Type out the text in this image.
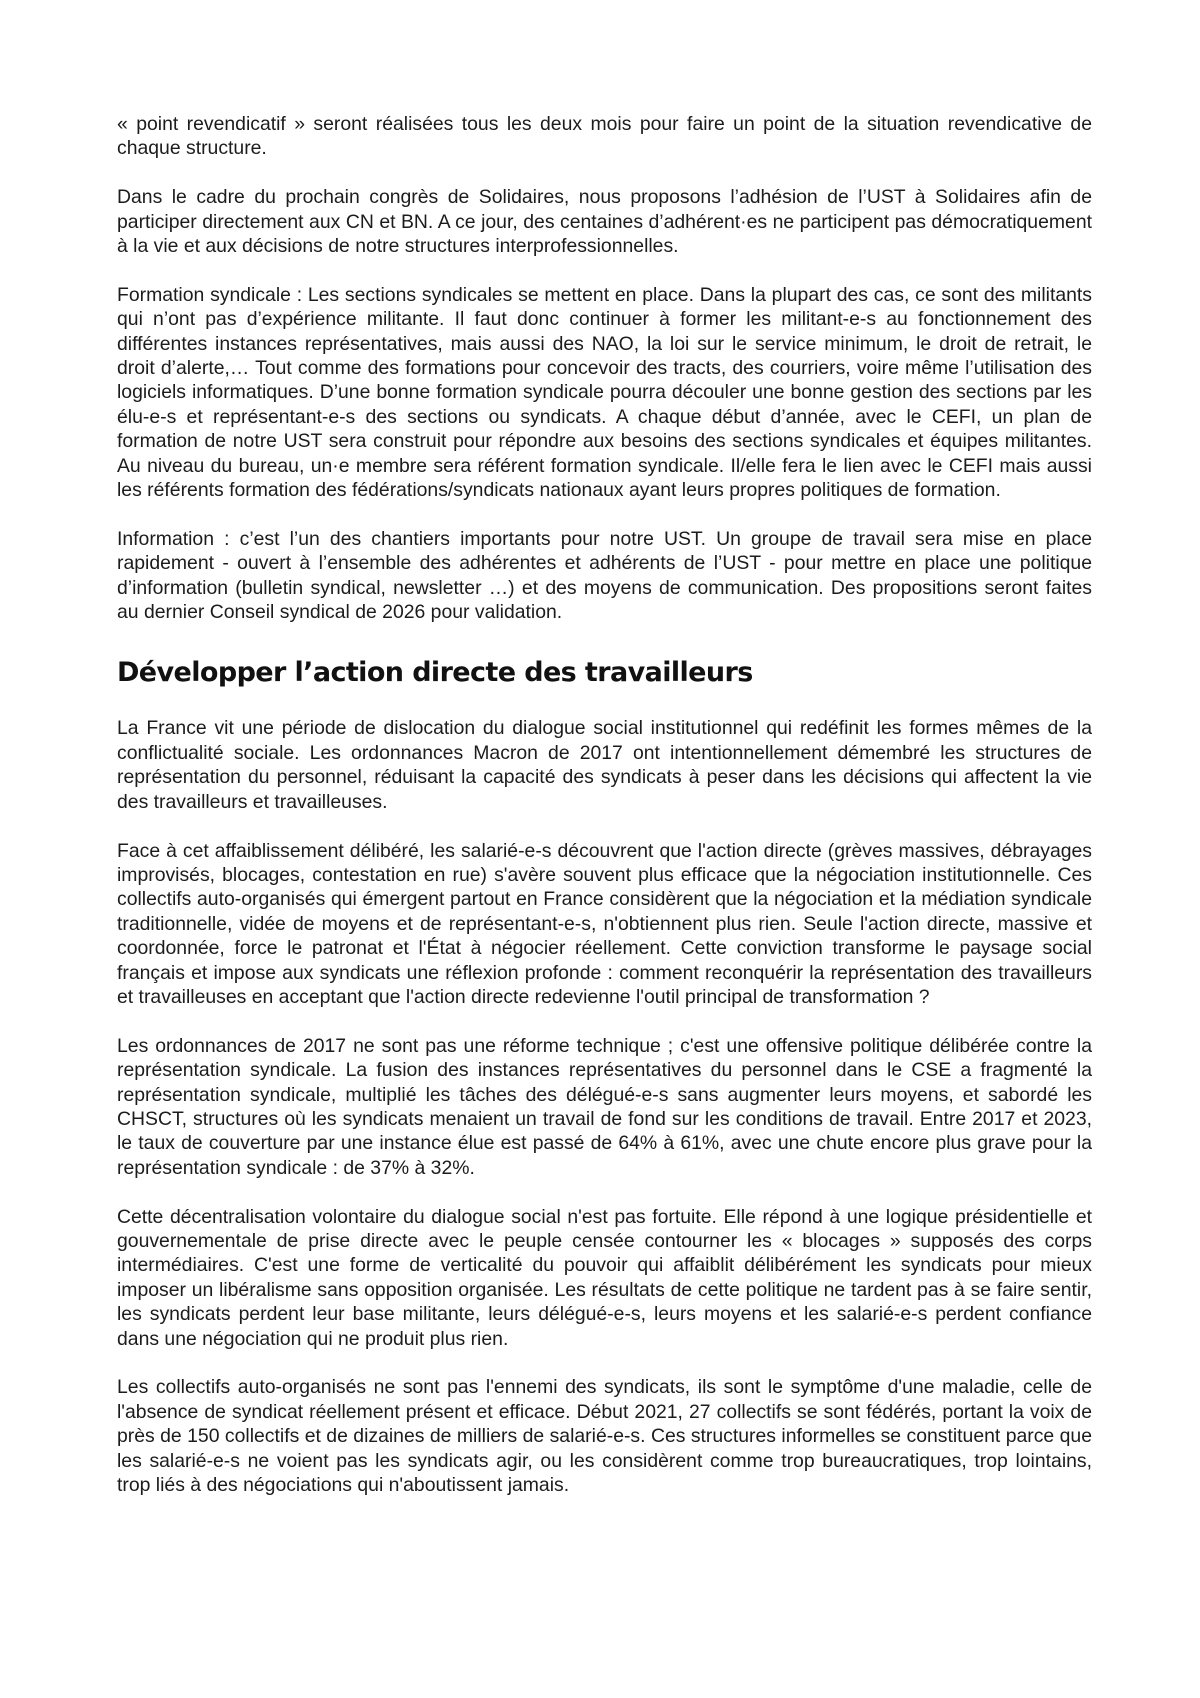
« point revendicatif » seront réalisées tous les deux mois pour faire un point de la situation revendicative de chaque structure.

Dans le cadre du prochain congrès de Solidaires, nous proposons l’adhésion de l’UST à Solidaires afin de participer directement aux CN et BN. A ce jour, des centaines d’adhérent·es ne participent pas démocratiquement à la vie et aux décisions de notre structures interprofessionnelles.

Formation syndicale : Les sections syndicales se mettent en place. Dans la plupart des cas, ce sont des militants qui n’ont pas d’expérience militante. Il faut donc continuer à former les militant-e-s au fonctionnement des différentes instances représentatives, mais aussi des NAO, la loi sur le service minimum, le droit de retrait, le droit d’alerte,… Tout comme des formations pour concevoir des tracts, des courriers, voire même l’utilisation des logiciels informatiques. D’une bonne formation syndicale pourra découler une bonne gestion des sections par les élu-e-s et représentant-e-s des sections ou syndicats. A chaque début d’année, avec le CEFI, un plan de formation de notre UST sera construit pour répondre aux besoins des sections syndicales et équipes militantes. Au niveau du bureau, un·e membre sera référent formation syndicale. Il/elle fera le lien avec le CEFI mais aussi les référents formation des fédérations/syndicats nationaux ayant leurs propres politiques de formation.

Information : c’est l’un des chantiers importants pour notre UST. Un groupe de travail sera mise en place rapidement - ouvert à l’ensemble des adhérentes et adhérents de l’UST - pour mettre en place une politique d’information (bulletin syndical, newsletter …) et des moyens de communication. Des propositions seront faites au dernier Conseil syndical de 2026 pour validation.

Développer l’action directe des travailleurs

La France vit une période de dislocation du dialogue social institutionnel qui redéfinit les formes mêmes de la conflictualité sociale. Les ordonnances Macron de 2017 ont intentionnellement démembré les structures de représentation du personnel, réduisant la capacité des syndicats à peser dans les décisions qui affectent la vie des travailleurs et travailleuses.

Face à cet affaiblissement délibéré, les salarié-e-s découvrent que l'action directe (grèves massives, débrayages improvisés, blocages, contestation en rue) s'avère souvent plus efficace que la négociation institutionnelle. Ces collectifs auto-organisés qui émergent partout en France considèrent que la négociation et la médiation syndicale traditionnelle, vidée de moyens et de représentant-e-s, n'obtiennent plus rien. Seule l'action directe, massive et coordonnée, force le patronat et l'État à négocier réellement. Cette conviction transforme le paysage social français et impose aux syndicats une réflexion profonde : comment reconquérir la représentation des travailleurs et travailleuses en acceptant que l'action directe redevienne l'outil principal de transformation ?

Les ordonnances de 2017 ne sont pas une réforme technique ; c'est une offensive politique délibérée contre la représentation syndicale. La fusion des instances représentatives du personnel dans le CSE a fragmenté la représentation syndicale, multiplié les tâches des délégué-e-s sans augmenter leurs moyens, et sabordé les CHSCT, structures où les syndicats menaient un travail de fond sur les conditions de travail. Entre 2017 et 2023, le taux de couverture par une instance élue est passé de 64% à 61%, avec une chute encore plus grave pour la représentation syndicale : de 37% à 32%.

Cette décentralisation volontaire du dialogue social n'est pas fortuite. Elle répond à une logique présidentielle et gouvernementale de prise directe avec le peuple censée contourner les « blocages » supposés des corps intermédiaires. C'est une forme de verticalité du pouvoir qui affaiblit délibérément les syndicats pour mieux imposer un libéralisme sans opposition organisée. Les résultats de cette politique ne tardent pas à se faire sentir, les syndicats perdent leur base militante, leurs délégué-e-s, leurs moyens et les salarié-e-s perdent confiance dans une négociation qui ne produit plus rien.

Les collectifs auto-organisés ne sont pas l'ennemi des syndicats, ils sont le symptôme d'une maladie, celle de l'absence de syndicat réellement présent et efficace. Début 2021, 27 collectifs se sont fédérés, portant la voix de près de 150 collectifs et de dizaines de milliers de salarié-e-s. Ces structures informelles se constituent parce que les salarié-e-s ne voient pas les syndicats agir, ou les considèrent comme trop bureaucratiques, trop lointains, trop liés à des négociations qui n'aboutissent jamais.
